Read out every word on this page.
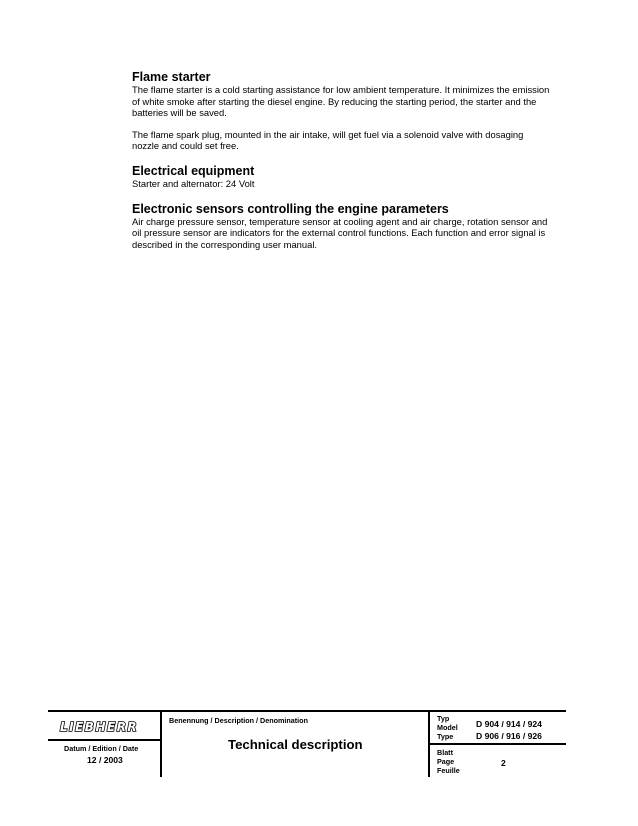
Flame starter

The flame starter is a cold starting assistance for low ambient temperature. It minimizes the emission of white smoke after starting the diesel engine. By reducing the starting period, the starter and the batteries will be saved.

The flame spark plug, mounted in the air intake, will get fuel via a solenoid valve with dosaging nozzle and could set free.

Electrical equipment

Starter and alternator: 24 Volt

Electronic sensors controlling the engine parameters

Air charge pressure sensor, temperature sensor at cooling agent and air charge, rotation sensor and oil pressure sensor are indicators for the external control functions. Each function and error signal is described in the corresponding user manual.

LIEBHERR
Datum / Edition / Date
12 / 2003
Benennung / Description / Denomination
Technical description
Typ
Model
Type
D 904 / 914 / 924
D 906 / 916 / 926
Blatt
Page
Feuille
2
